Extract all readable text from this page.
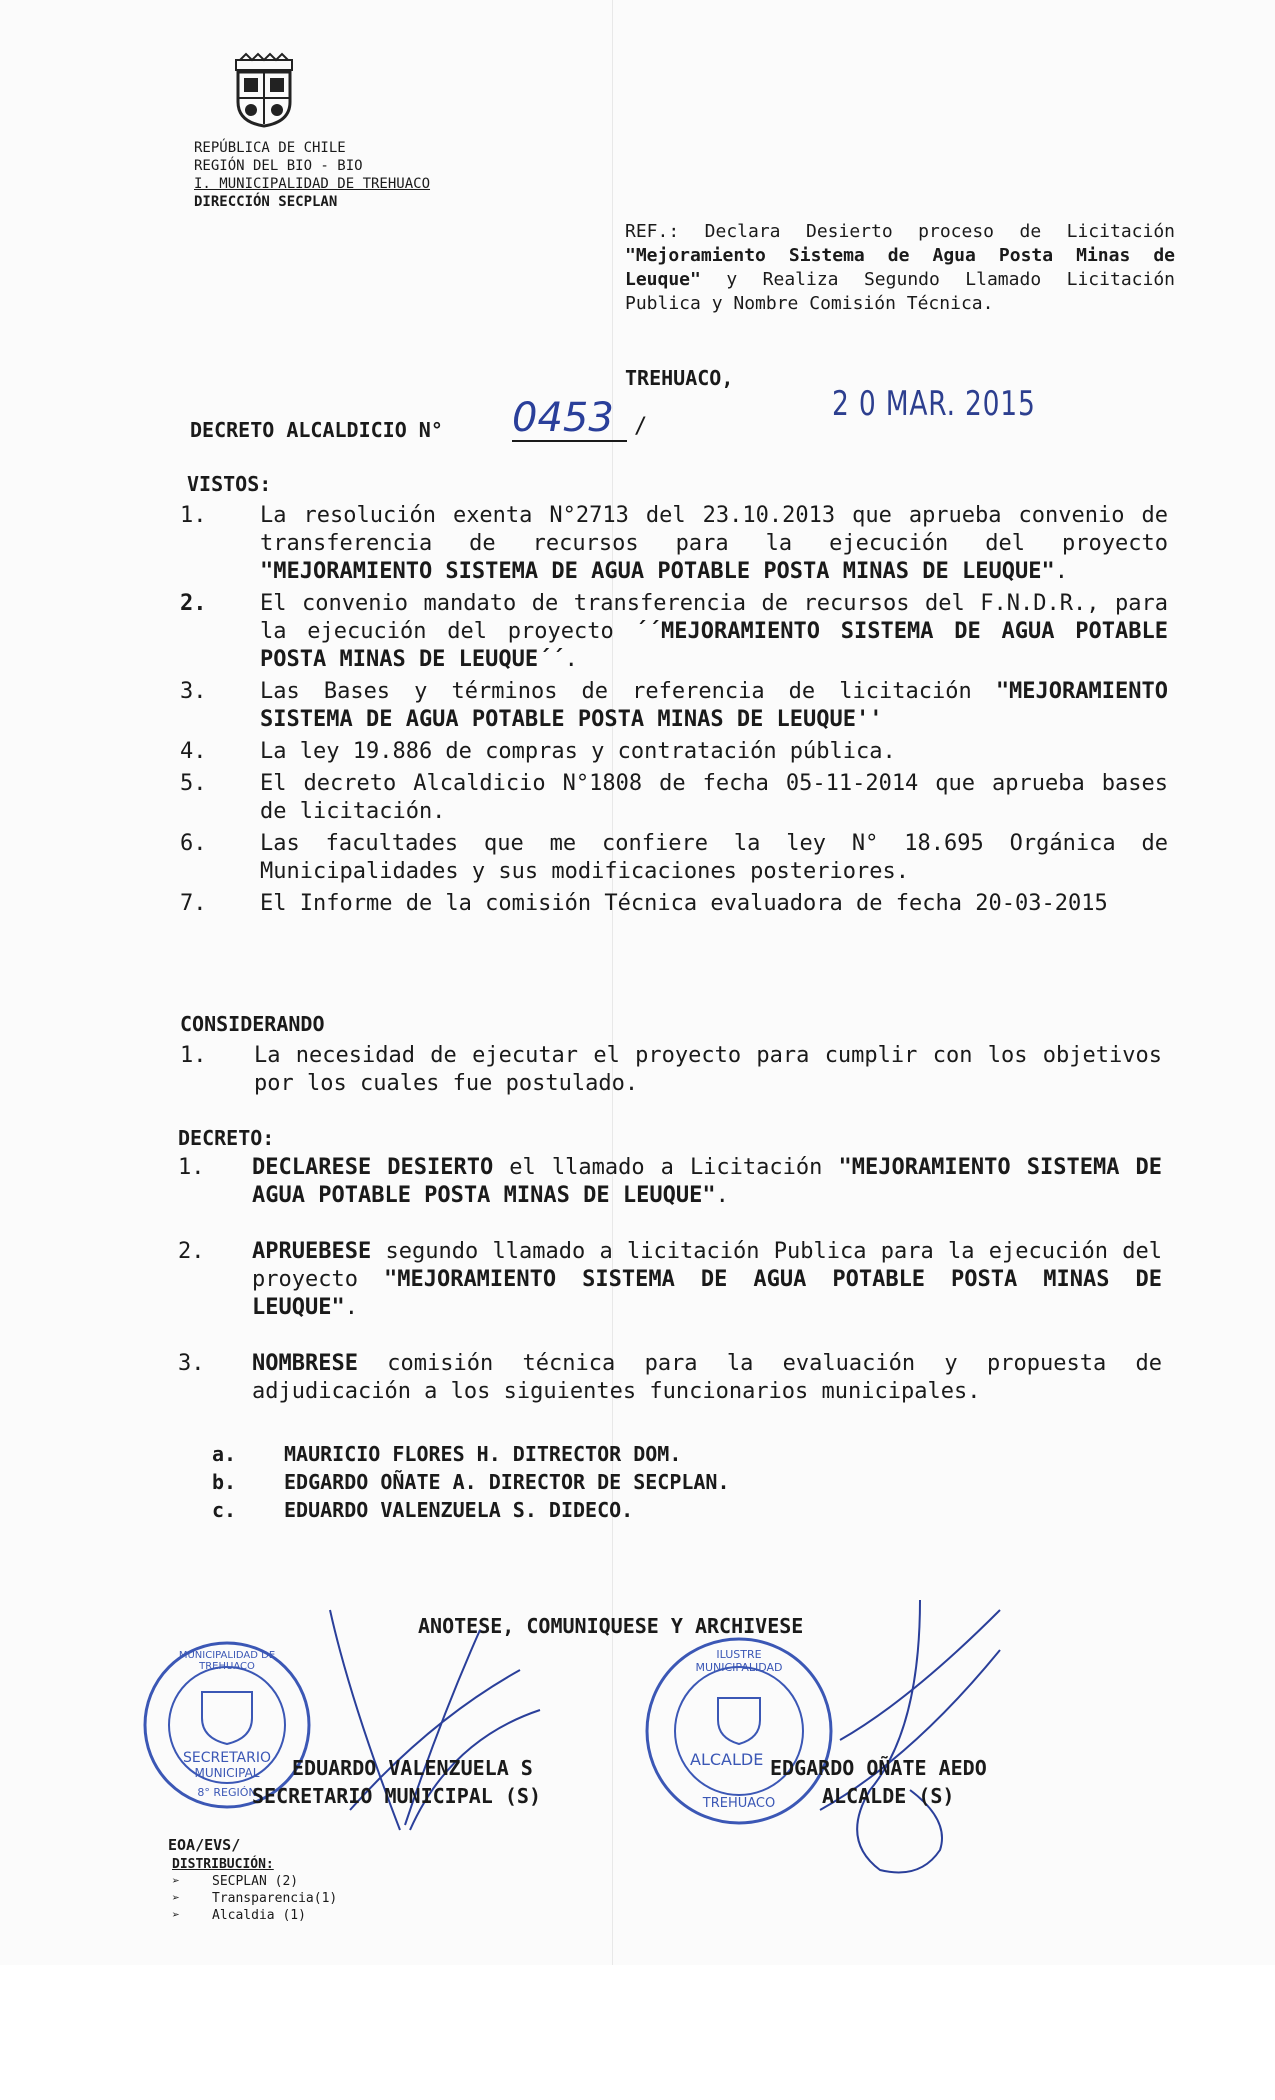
REPÚBLICA DE CHILE
REGIÓN DEL BIO - BIO
I. MUNICIPALIDAD DE TREHUACO
DIRECCIÓN SECPLAN
REF.: Declara Desierto proceso de Licitación "Mejoramiento Sistema de Agua Posta Minas de Leuque" y Realiza Segundo Llamado Licitación Publica y Nombre Comisión Técnica.
TREHUACO,
2 0 MAR. 2015
DECRETO ALCALDICIO N° 0453 /
VISTOS:
1. La resolución exenta N°2713 del 23.10.2013 que aprueba convenio de transferencia de recursos para la ejecución del proyecto "MEJORAMIENTO SISTEMA DE AGUA POTABLE POSTA MINAS DE LEUQUE".
2. El convenio mandato de transferencia de recursos del F.N.D.R., para la ejecución del proyecto ´´MEJORAMIENTO SISTEMA DE AGUA POTABLE POSTA MINAS DE LEUQUE´´.
3. Las Bases y términos de referencia de licitación "MEJORAMIENTO SISTEMA DE AGUA POTABLE POSTA MINAS DE LEUQUE''
4. La ley 19.886 de compras y contratación pública.
5. El decreto Alcaldicio N°1808 de fecha 05-11-2014 que aprueba bases de licitación.
6. Las facultades que me confiere la ley N° 18.695 Orgánica de Municipalidades y sus modificaciones posteriores.
7. El Informe de la comisión Técnica evaluadora de fecha 20-03-2015
CONSIDERANDO
1. La necesidad de ejecutar el proyecto para cumplir con los objetivos por los cuales fue postulado.
DECRETO:
1. DECLARESE DESIERTO el llamado a Licitación "MEJORAMIENTO SISTEMA DE AGUA POTABLE POSTA MINAS DE LEUQUE".
2. APRUEBESE segundo llamado a licitación Publica para la ejecución del proyecto "MEJORAMIENTO SISTEMA DE AGUA POTABLE POSTA MINAS DE LEUQUE".
3. NOMBRESE comisión técnica para la evaluación y propuesta de adjudicación a los siguientes funcionarios municipales.
a. MAURICIO FLORES H. DITRECTOR DOM.
b. EDGARDO OÑATE A. DIRECTOR DE SECPLAN.
c. EDUARDO VALENZUELA S. DIDECO.
ANOTESE, COMUNIQUESE Y ARCHIVESE
MUNICIPALIDAD DE TREHUACO
SECRETARIO
MUNICIPAL
8° REGIÓN
ILUSTRE MUNICIPALIDAD
ALCALDE
TREHUACO
EDUARDO VALENZUELA S
SECRETARIO MUNICIPAL (S)
EDGARDO OÑATE AEDO
ALCALDE (S)
EOA/EVS/
DISTRIBUCIÓN:
➢ SECPLAN (2)
➢ Transparencia(1)
➢ Alcaldia (1)
